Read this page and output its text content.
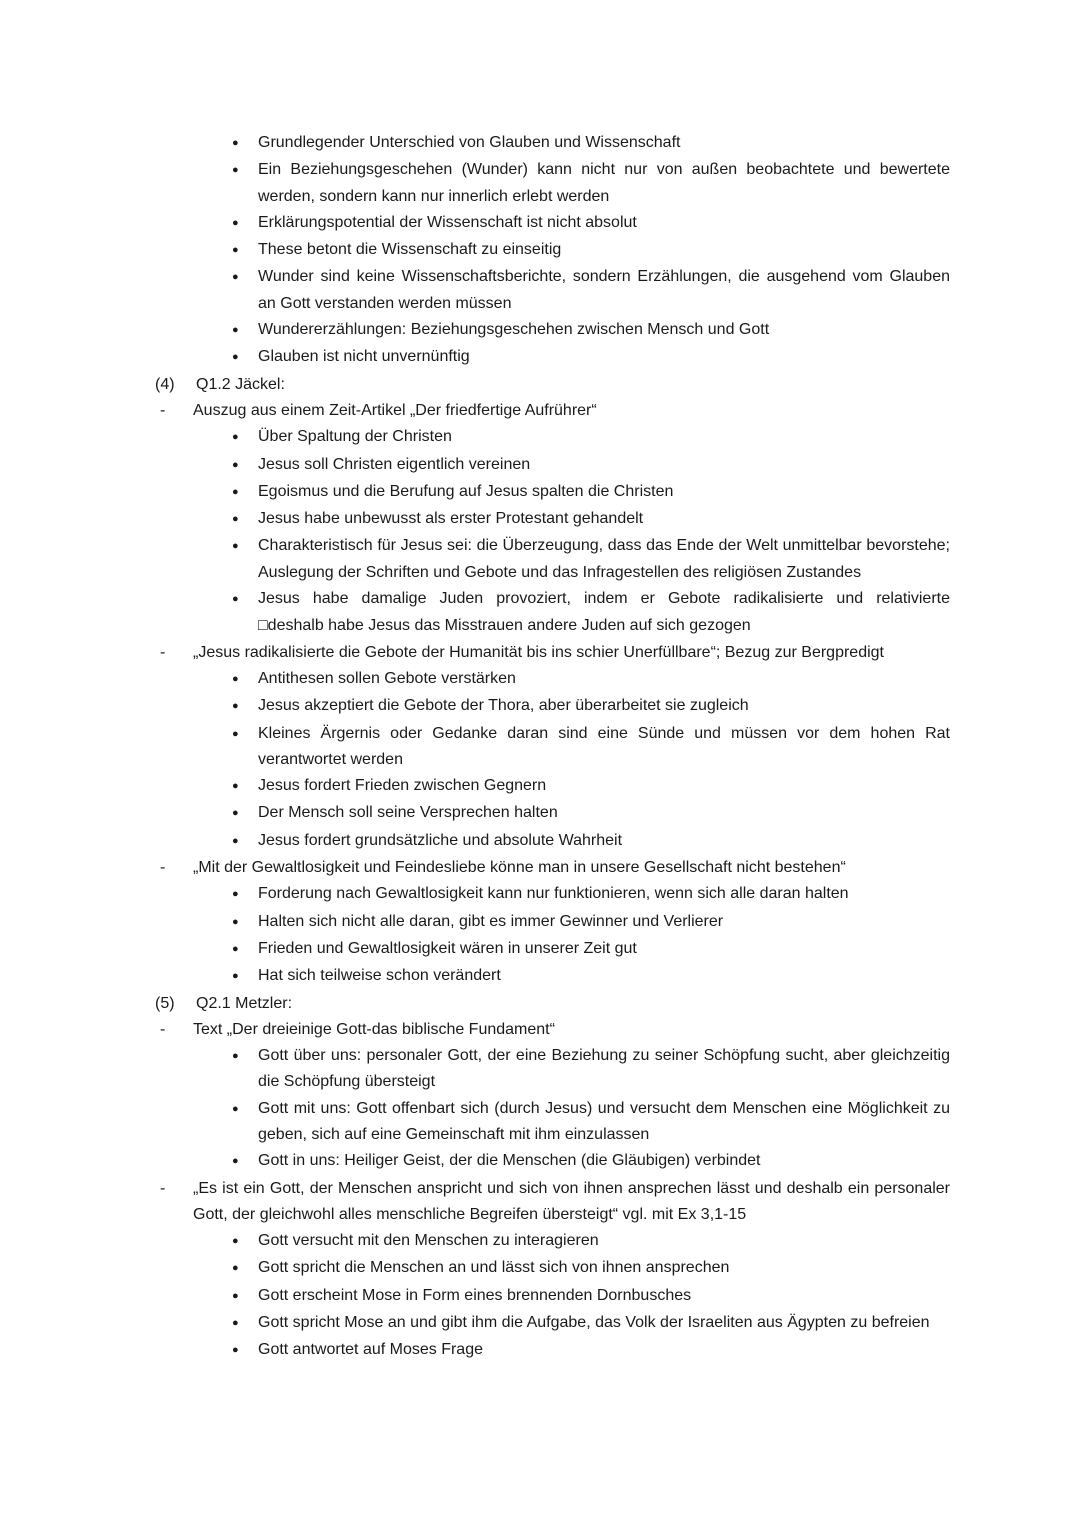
●	Grundlegender Unterschied von Glauben und Wissenschaft
●	Ein Beziehungsgeschehen (Wunder) kann nicht nur von außen beobachtete und bewertete werden, sondern kann nur innerlich erlebt werden
●	Erklärungspotential der Wissenschaft ist nicht absolut
●	These betont die Wissenschaft zu einseitig
●	Wunder sind keine Wissenschaftsberichte, sondern Erzählungen, die ausgehend vom Glauben an Gott verstanden werden müssen
●	Wundererzählungen: Beziehungsgeschehen zwischen Mensch und Gott
●	Glauben ist nicht unvernünftig
(4)	Q1.2 Jäckel:
-	Auszug aus einem Zeit-Artikel „Der friedfertige Aufrührer“
●	Über Spaltung der Christen
●	Jesus soll Christen eigentlich vereinen
●	Egoismus und die Berufung auf Jesus spalten die Christen
●	Jesus habe unbewusst als erster Protestant gehandelt
●	Charakteristisch für Jesus sei: die Überzeugung, dass das Ende der Welt unmittelbar bevorstehe; Auslegung der Schriften und Gebote und das Infragestellen des religiösen Zustandes
●	Jesus habe damalige Juden provoziert, indem er Gebote radikalisierte und relativierte
□deshalb habe Jesus das Misstrauen andere Juden auf sich gezogen
-	„Jesus radikalisierte die Gebote der Humanität bis ins schier Unerfüllbare“; Bezug zur Bergpredigt
●	Antithesen sollen Gebote verstärken
●	Jesus akzeptiert die Gebote der Thora, aber überarbeitet sie zugleich
●	Kleines Ärgernis oder Gedanke daran sind eine Sünde und müssen vor dem hohen Rat verantwortet werden
●	Jesus fordert Frieden zwischen Gegnern
●	Der Mensch soll seine Versprechen halten
●	Jesus fordert grundsätzliche und absolute Wahrheit
-	„Mit der Gewaltlosigkeit und Feindesliebe könne man in unsere Gesellschaft nicht bestehen“
●	Forderung nach Gewaltlosigkeit kann nur funktionieren, wenn sich alle daran halten
●	Halten sich nicht alle daran, gibt es immer Gewinner und Verlierer
●	Frieden und Gewaltlosigkeit wären in unserer Zeit gut
●	Hat sich teilweise schon verändert
(5)	Q2.1 Metzler:
-	Text „Der dreieinige Gott-das biblische Fundament“
●	Gott über uns: personaler Gott, der eine Beziehung zu seiner Schöpfung sucht, aber gleichzeitig die Schöpfung übersteigt
●	Gott mit uns: Gott offenbart sich (durch Jesus) und versucht dem Menschen eine Möglichkeit zu geben, sich auf eine Gemeinschaft mit ihm einzulassen
●	Gott in uns: Heiliger Geist, der die Menschen (die Gläubigen) verbindet
-	„Es ist ein Gott, der Menschen anspricht und sich von ihnen ansprechen lässt und deshalb ein personaler Gott, der gleichwohl alles menschliche Begreifen übersteigt“ vgl. mit Ex 3,1-15
●	Gott versucht mit den Menschen zu interagieren
●	Gott spricht die Menschen an und lässt sich von ihnen ansprechen
●	Gott erscheint Mose in Form eines brennenden Dornbusches
●	Gott spricht Mose an und gibt ihm die Aufgabe, das Volk der Israeliten aus Ägypten zu befreien
●	Gott antwortet auf Moses Frage
